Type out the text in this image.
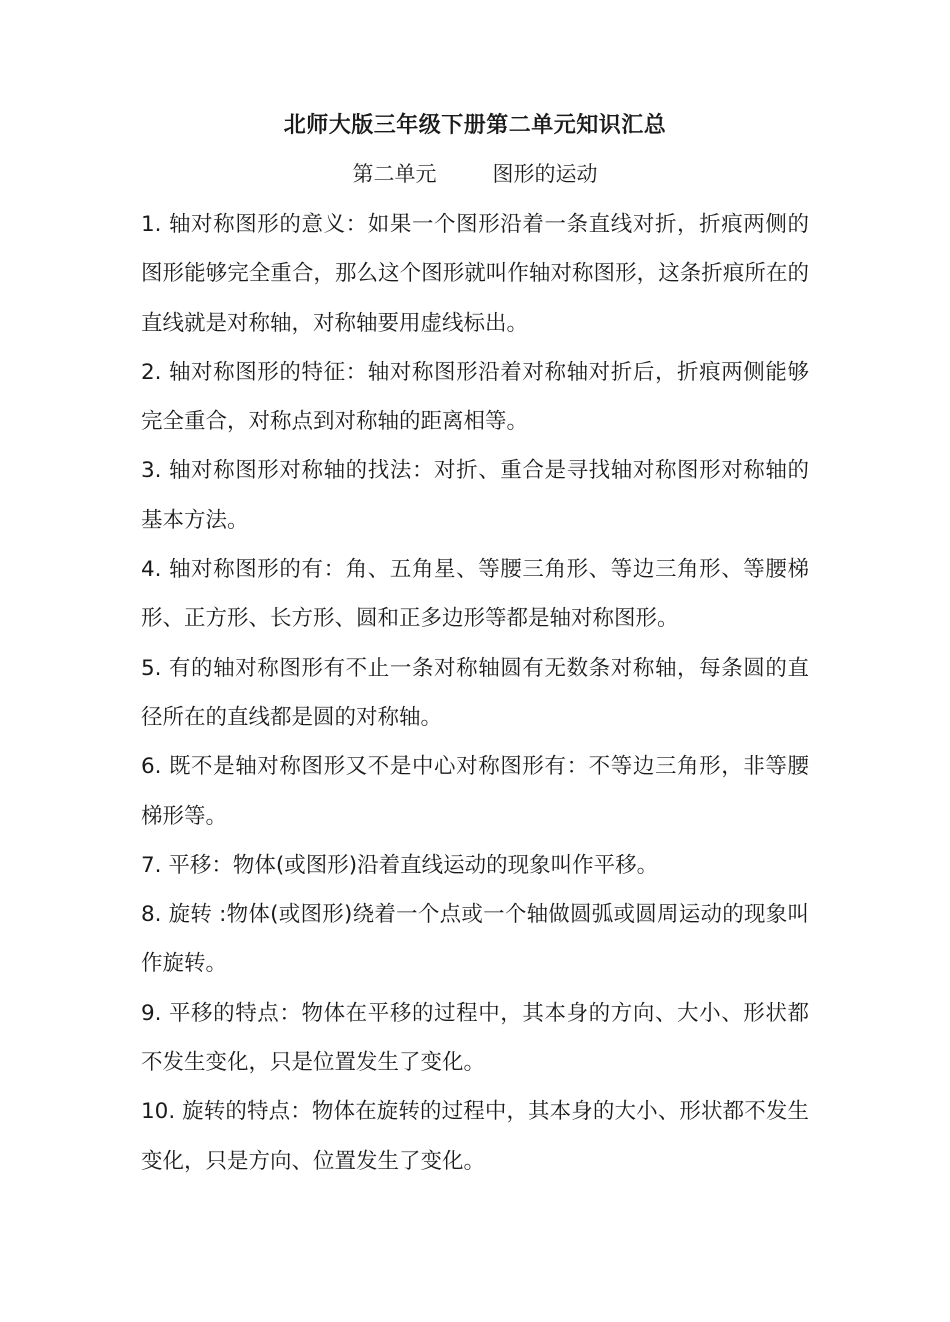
北师大版三年级下册第二单元知识汇总

第二单元	图形的运动

1. 轴对称图形的意义：如果一个图形沿着一条直线对折，折痕两侧的图形能够完全重合，那么这个图形就叫作轴对称图形，这条折痕所在的直线就是对称轴，对称轴要用虚线标出。

2. 轴对称图形的特征：轴对称图形沿着对称轴对折后，折痕两侧能够完全重合，对称点到对称轴的距离相等。

3. 轴对称图形对称轴的找法：对折、重合是寻找轴对称图形对称轴的基本方法。

4. 轴对称图形的有：角、五角星、等腰三角形、等边三角形、等腰梯形、正方形、长方形、圆和正多边形等都是轴对称图形。

5. 有的轴对称图形有不止一条对称轴圆有无数条对称轴，每条圆的直径所在的直线都是圆的对称轴。

6. 既不是轴对称图形又不是中心对称图形有：不等边三角形，非等腰梯形等。

7. 平移：物体(或图形)沿着直线运动的现象叫作平移。

8. 旋转 :物体(或图形)绕着一个点或一个轴做圆弧或圆周运动的现象叫作旋转。

9. 平移的特点：物体在平移的过程中，其本身的方向、大小、形状都不发生变化，只是位置发生了变化。

10. 旋转的特点：物体在旋转的过程中，其本身的大小、形状都不发生变化，只是方向、位置发生了变化。
